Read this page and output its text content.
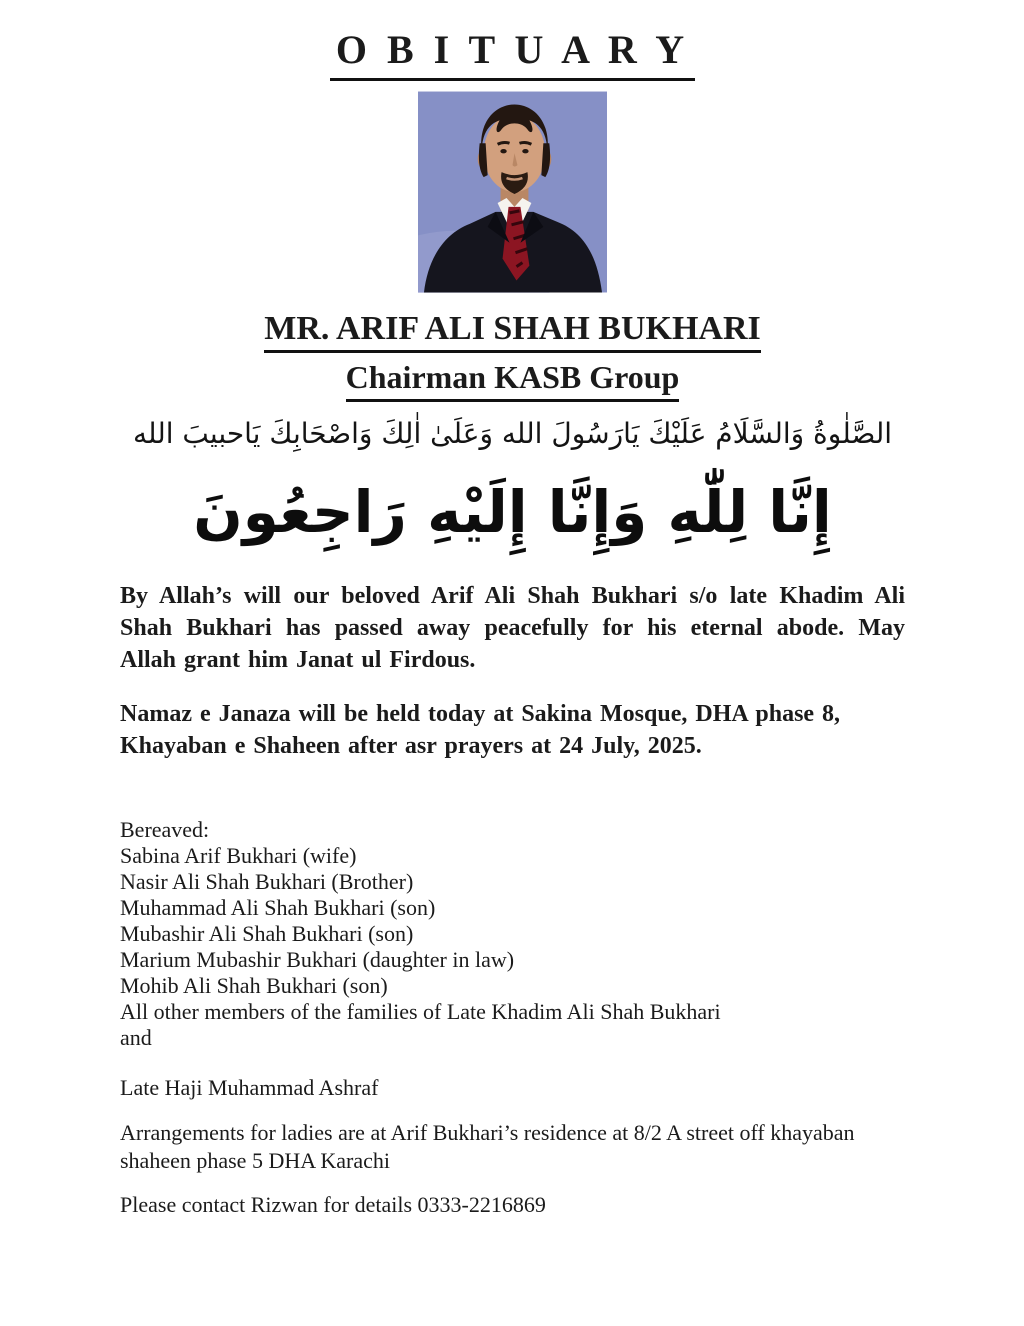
O B I T U A R Y
MR. ARIF ALI SHAH BUKHARI
Chairman KASB Group
الصَّلٰوةُ وَالسَّلَامُ عَلَيْكَ يَارَسُولَ الله وَعَلَىٰ اٰلِكَ وَاصْحَابِكَ يَاحبيبَ الله
إِنَّا لِلّٰهِ وَإِنَّا إِلَيْهِ رَاجِعُونَ
By Allah’s will our beloved Arif Ali Shah Bukhari s/o late Khadim Ali Shah Bukhari has passed away peacefully for his eternal abode. May Allah grant him Janat ul Firdous.
Namaz e Janaza will be held today at Sakina Mosque, DHA phase 8, Khayaban e Shaheen after asr prayers at 24 July, 2025.
Bereaved:
Sabina Arif Bukhari (wife)
Nasir Ali Shah Bukhari (Brother)
Muhammad Ali Shah Bukhari (son)
Mubashir Ali Shah Bukhari (son)
Marium Mubashir Bukhari (daughter in law)
Mohib Ali Shah Bukhari (son)
All other members of the families of Late Khadim Ali Shah Bukhari
and
Late Haji Muhammad Ashraf
Arrangements for ladies are at Arif Bukhari’s residence at 8/2 A street off khayaban shaheen phase 5 DHA Karachi
Please contact Rizwan for details 0333-2216869
